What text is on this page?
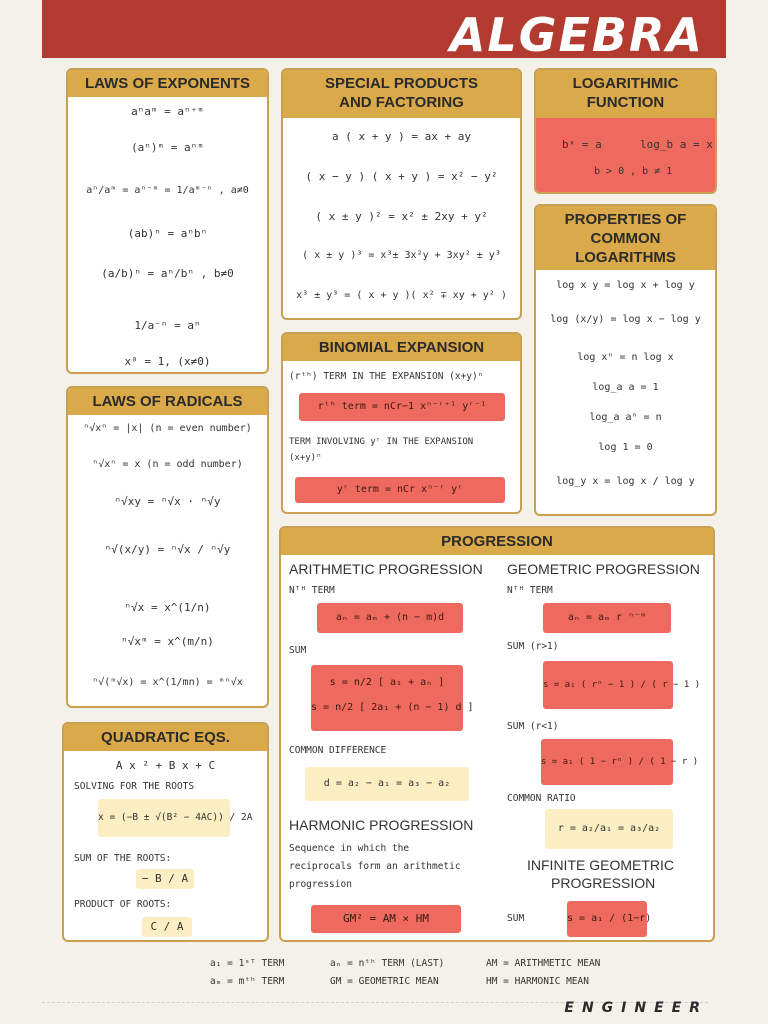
ALGEBRA
LAWS OF EXPONENTS
aⁿaᵐ = aⁿ⁺ᵐ
(aⁿ)ᵐ = aⁿᵐ
aⁿ/aᵐ = aⁿ⁻ᵐ = 1/aᵐ⁻ⁿ , a≠0
(ab)ⁿ = aⁿbⁿ
(a/b)ⁿ = aⁿ/bⁿ , b≠0
1/a⁻ⁿ = aⁿ
x⁰ = 1, (x≠0)
SPECIAL PRODUCTS AND FACTORING
a ( x + y ) = ax + ay
( x − y ) ( x + y ) = x² − y²
( x ± y )² = x² ± 2xy + y²
( x ± y )³ = x³± 3x²y + 3xy² ± y³
x³ ± y³ = ( x + y )( x² ∓ xy + y² )
LOGARITHMIC FUNCTION
bˣ = a	log_b a = x
b > 0 , b ≠ 1
PROPERTIES OF COMMON LOGARITHMS
log x y = log x + log y
log (x/y) = log x − log y
log xⁿ = n log x
log_a a = 1
log_a aⁿ = n
log 1 = 0
log_y x = log x / log y
BINOMIAL EXPANSION
(rᵗʰ) TERM IN THE EXPANSION (x+y)ⁿ
rᵗʰ term = nCr−1 xⁿ⁻ʳ⁺¹ yʳ⁻¹
TERM INVOLVING yʳ IN THE EXPANSION
(x+y)ⁿ
yʳ term = nCr xⁿ⁻ʳ yʳ
LAWS OF RADICALS
ⁿ√xⁿ = |x| (n = even number)
ⁿ√xⁿ = x (n = odd number)
ⁿ√xy = ⁿ√x · ⁿ√y
ⁿ√(x/y) = ⁿ√x / ⁿ√y
ⁿ√x = x^(1/n)
ⁿ√xᵐ = x^(m/n)
ⁿ√(ᵐ√x) = x^(1/mn) = ᵐⁿ√x
QUADRATIC EQS.
A x ² + B x + C
SOLVING FOR THE ROOTS
x = (−B ± √(B² − 4AC)) / 2A
SUM OF THE ROOTS:
− B / A
PRODUCT OF ROOTS:
C / A
PROGRESSION
ARITHMETIC PROGRESSION
Nᵀᴴ TERM
aₙ = aₘ + (n − m)d
SUM
s = n/2 [ a₁ + aₙ ]
s = n/2 [ 2a₁ + (n − 1) d ]
COMMON DIFFERENCE
d = a₂ − a₁ = a₃ − a₂
HARMONIC PROGRESSION
Sequence in which the
reciprocals form an arithmetic
progression
GM² = AM × HM
GEOMETRIC PROGRESSION
Nᵀᴴ TERM
aₙ = aₘ r ⁿ⁻ᵐ
SUM (r>1)
s = a₁ ( rⁿ − 1 ) / ( r − 1 )
SUM (r<1)
s = a₁ ( 1 − rⁿ ) / ( 1 − r )
COMMON RATIO
r = a₂/a₁ = a₃/a₂
INFINITE GEOMETRIC
PROGRESSION
SUM	s = a₁ / (1−r)
a₁ = 1ˢᵀ TERM
aₘ = mᵗʰ TERM
aₙ = nᵗʰ TERM (LAST)
GM = GEOMETRIC MEAN
AM = ARITHMETIC MEAN
HM = HARMONIC MEAN
ENGINEER
